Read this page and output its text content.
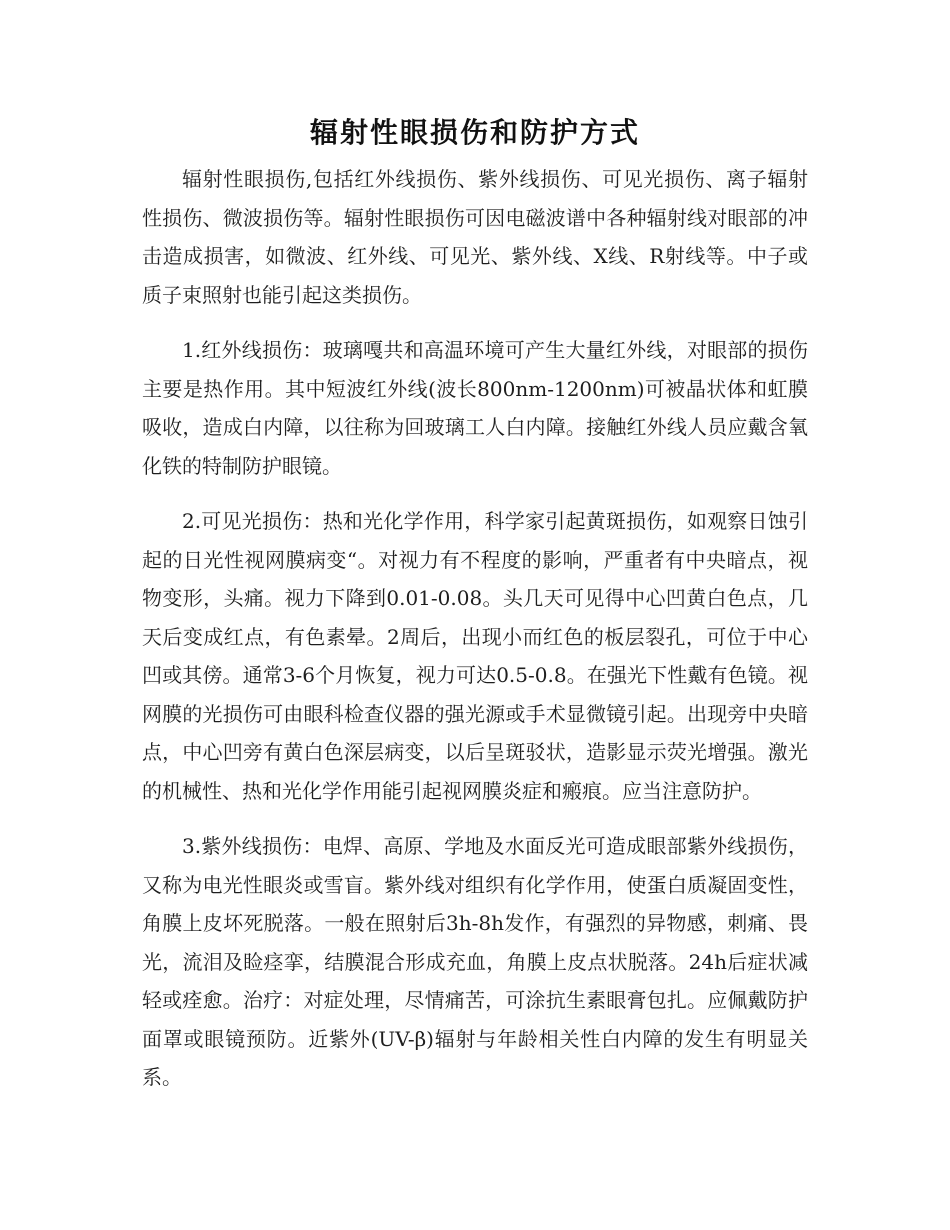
辐射性眼损伤和防护方式

辐射性眼损伤,包括红外线损伤、紫外线损伤、可见光损伤、离子辐射性损伤、微波损伤等。辐射性眼损伤可因电磁波谱中各种辐射线对眼部的冲击造成损害，如微波、红外线、可见光、紫外线、X线、R射线等。中子或质子束照射也能引起这类损伤。

1.红外线损伤：玻璃嘎共和高温环境可产生大量红外线，对眼部的损伤主要是热作用。其中短波红外线(波长800nm-1200nm)可被晶状体和虹膜吸收，造成白内障，以往称为回玻璃工人白内障。接触红外线人员应戴含氧化铁的特制防护眼镜。

2.可见光损伤：热和光化学作用，科学家引起黄斑损伤，如观察日蚀引起的日光性视网膜病变“。对视力有不程度的影响，严重者有中央暗点，视物变形，头痛。视力下降到0.01-0.08。头几天可见得中心凹黄白色点，几天后变成红点，有色素晕。2周后，出现小而红色的板层裂孔，可位于中心凹或其傍。通常3-6个月恢复，视力可达0.5-0.8。在强光下性戴有色镜。视网膜的光损伤可由眼科检查仪器的强光源或手术显微镜引起。出现旁中央暗点，中心凹旁有黄白色深层病变，以后呈斑驳状，造影显示荧光增强。激光的机械性、热和光化学作用能引起视网膜炎症和瘢痕。应当注意防护。

3.紫外线损伤：电焊、高原、学地及水面反光可造成眼部紫外线损伤，又称为电光性眼炎或雪盲。紫外线对组织有化学作用，使蛋白质凝固变性，角膜上皮坏死脱落。一般在照射后3h-8h发作，有强烈的异物感，刺痛、畏光，流泪及睑痉挛，结膜混合形成充血，角膜上皮点状脱落。24h后症状减轻或痊愈。治疗：对症处理，尽情痛苦，可涂抗生素眼膏包扎。应佩戴防护面罩或眼镜预防。近紫外(UV-β)辐射与年龄相关性白内障的发生有明显关系。
